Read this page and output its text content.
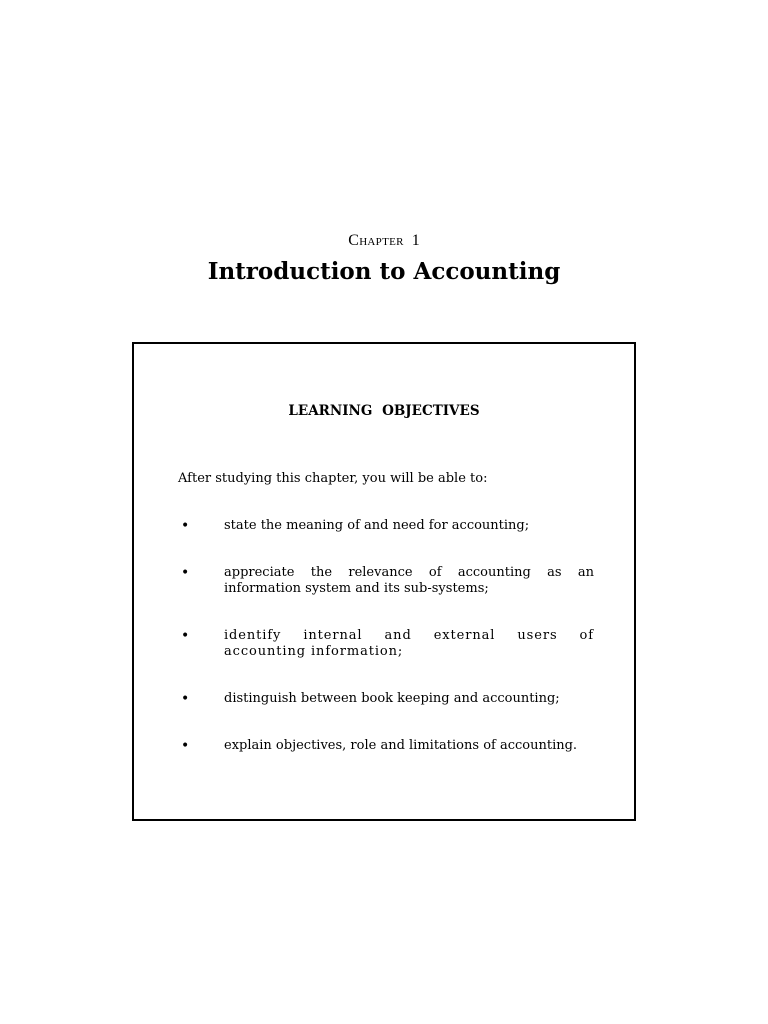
Chapter 1
Introduction to Accounting
LEARNING OBJECTIVES
After studying this chapter, you will be able to:
•	state the meaning of and need for accounting;
•	appreciate the relevance of accounting as an information system and its sub-systems;
•	identify internal and external users of accounting information;
•	distinguish between book keeping and accounting;
•	explain objectives, role and limitations of accounting.
